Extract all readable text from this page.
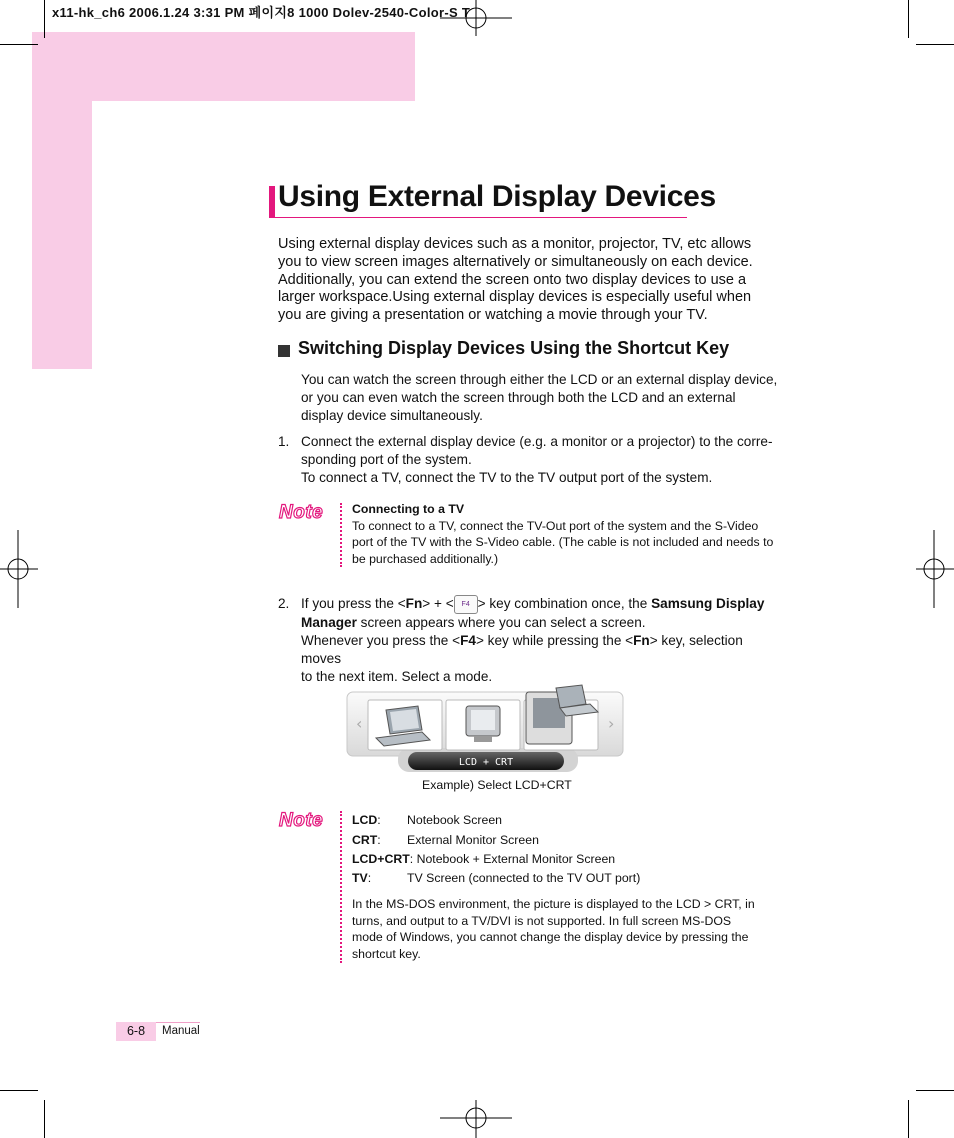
x11-hk_ch6 2006.1.24 3:31 PM 페이지8 1000 Dolev-2540-Color-S T
Using External Display Devices
Using external display devices such as a monitor, projector, TV, etc allows you to view screen images alternatively or simultaneously on each device. Additionally, you can extend the screen onto two display devices to use a larger workspace.Using external display devices is especially useful when you are giving a presentation or watching a movie through your TV.
Switching Display Devices Using the Shortcut Key
You can watch the screen through either the LCD or an external display device, or you can even watch the screen through both the LCD and an external display device simultaneously.
1. Connect the external display device (e.g. a monitor or a projector) to the corre-
sponding port of the system.
To connect a TV, connect the TV to the TV output port of the system.
Note Connecting to a TV
To connect to a TV, connect the TV-Out port of the system and the S-Video port of the TV with the S-Video cable. (The cable is not included and needs to be purchased additionally.)
2. If you press the <Fn> + < F4 > key combination once, the Samsung Display
Manager screen appears where you can select a screen.
Whenever you press the <F4> key while pressing the <Fn> key, selection moves
to the next item. Select a mode.
‹	›
LCD + CRT
Example) Select LCD+CRT
Note LCD: Notebook Screen
CRT: External Monitor Screen
LCD+CRT: Notebook + External Monitor Screen
TV:	TV Screen (connected to the TV OUT port)
In the MS-DOS environment, the picture is displayed to the LCD > CRT, in turns, and output to a TV/DVI is not supported. In full screen MS-DOS mode of Windows, you cannot change the display device by pressing the shortcut key.
6-8	Manual
